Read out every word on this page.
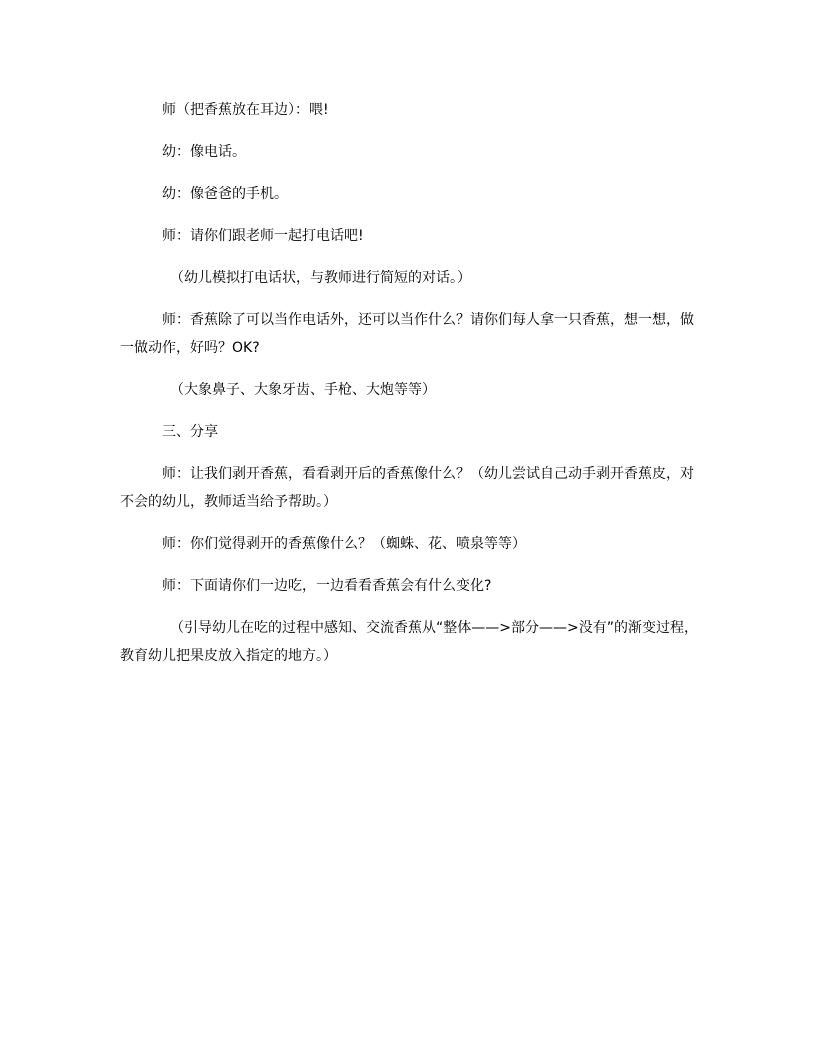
师（把香蕉放在耳边）：喂!

幼：像电话。

幼：像爸爸的手机。

师：请你们跟老师一起打电话吧!

（幼儿模拟打电话状，与教师进行简短的对话。）

师：香蕉除了可以当作电话外，还可以当作什么？请你们每人拿一只香蕉，想一想，做一做动作，好吗？OK?

（大象鼻子、大象牙齿、手枪、大炮等等）

三、分享

师：让我们剥开香蕉，看看剥开后的香蕉像什么？（幼儿尝试自己动手剥开香蕉皮，对不会的幼儿，教师适当给予帮助。）

师：你们觉得剥开的香蕉像什么？（蜘蛛、花、喷泉等等）

师：下面请你们一边吃，一边看看香蕉会有什么变化?

（引导幼儿在吃的过程中感知、交流香蕉从“整体——>部分——>没有”的渐变过程，教育幼儿把果皮放入指定的地方。）
